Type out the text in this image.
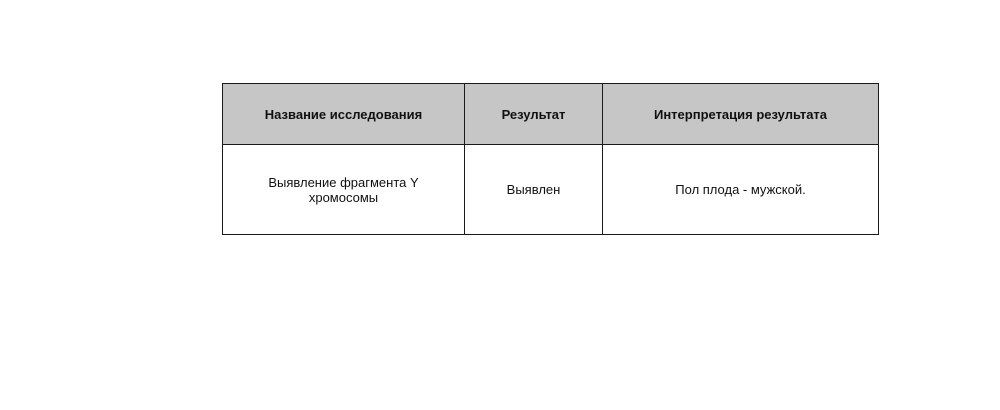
Название исследования	Результат	Интерпретация результата
Выявление фрагмента Y хромосомы	Выявлен	Пол плода - мужской.
